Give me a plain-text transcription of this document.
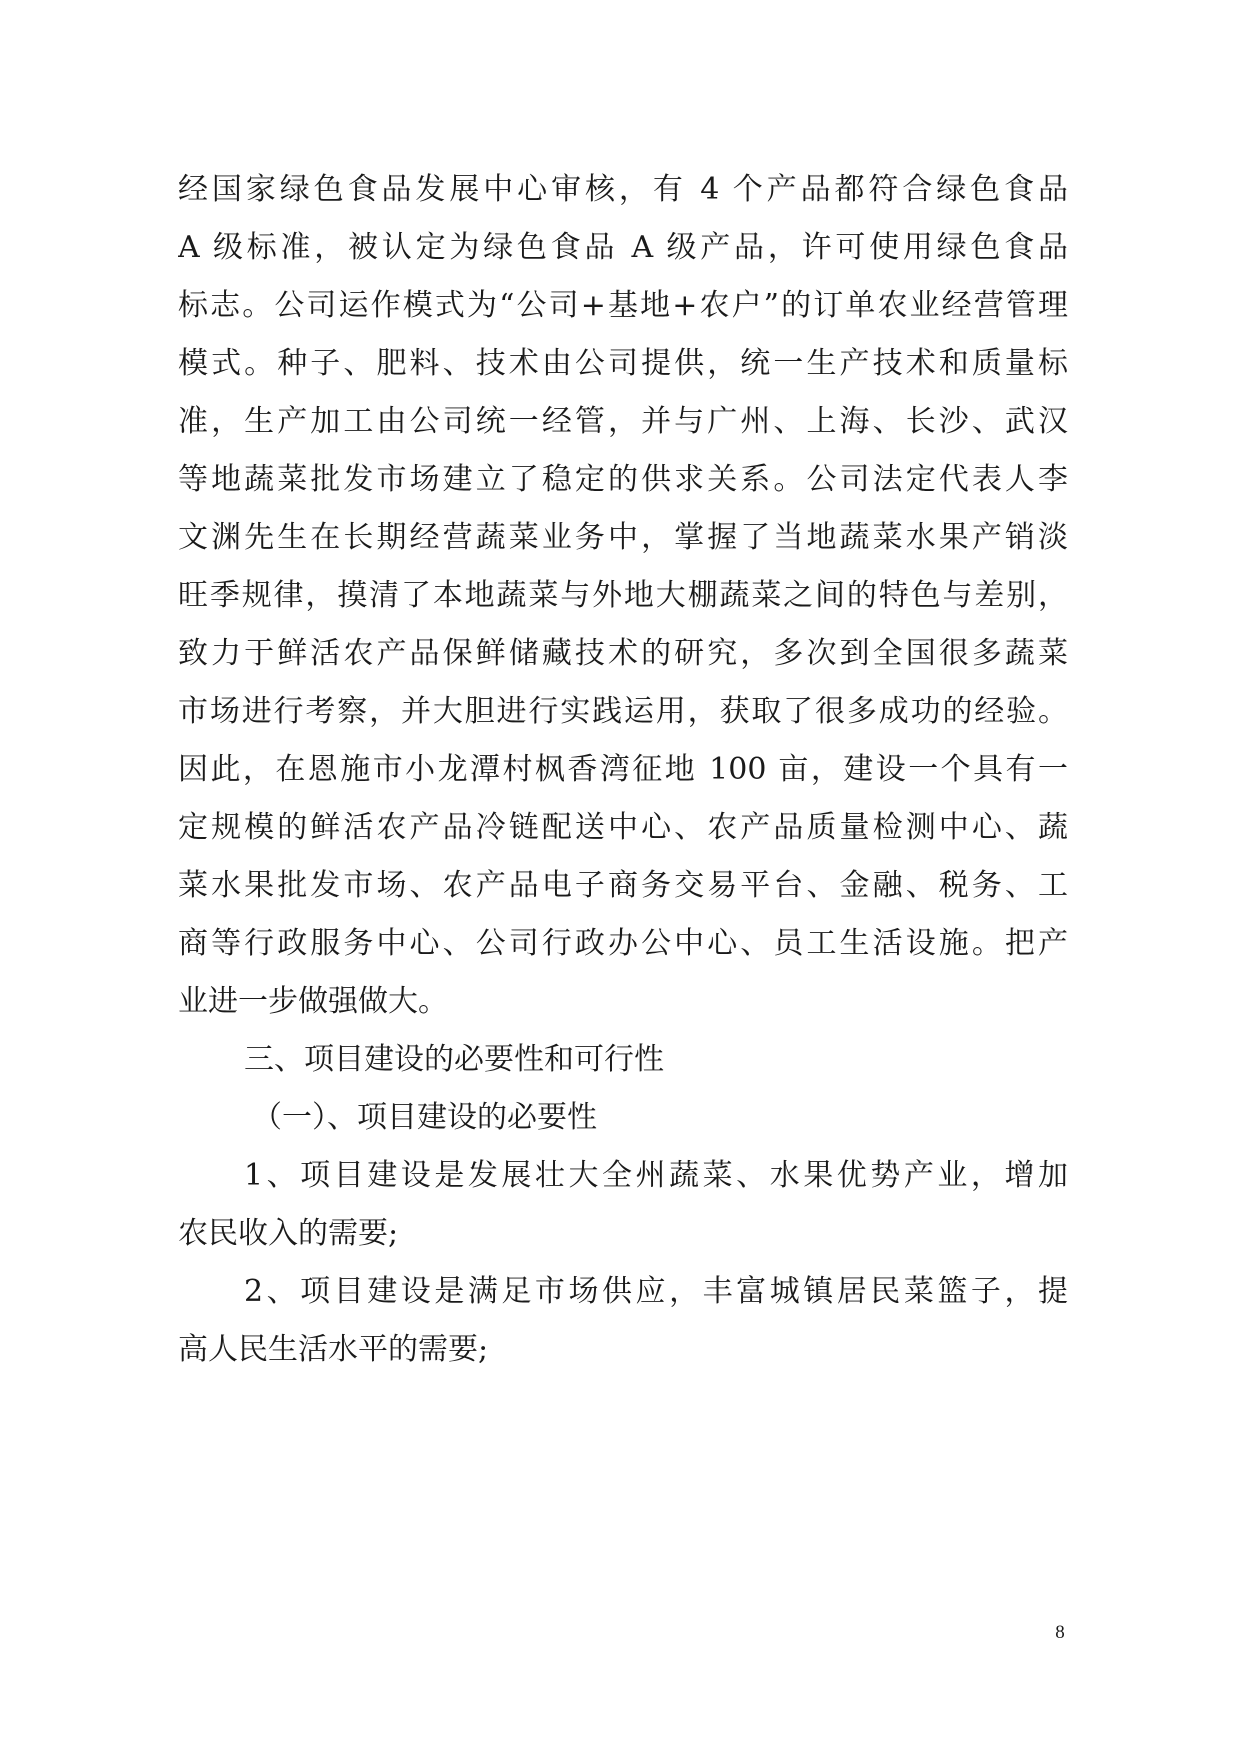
经国家绿色食品发展中心审核，有 4 个产品都符合绿色食品
A 级标准，被认定为绿色食品 A 级产品，许可使用绿色食品
标志。公司运作模式为“公司+基地+农户”的订单农业经营管理
模式。种子、肥料、技术由公司提供，统一生产技术和质量标
准，生产加工由公司统一经管，并与广州、上海、长沙、武汉
等地蔬菜批发市场建立了稳定的供求关系。公司法定代表人李
文渊先生在长期经营蔬菜业务中，掌握了当地蔬菜水果产销淡
旺季规律，摸清了本地蔬菜与外地大棚蔬菜之间的特色与差别，
致力于鲜活农产品保鲜储藏技术的研究，多次到全国很多蔬菜
市场进行考察，并大胆进行实践运用，获取了很多成功的经验。
因此，在恩施市小龙潭村枫香湾征地 100 亩，建设一个具有一
定规模的鲜活农产品冷链配送中心、农产品质量检测中心、蔬
菜水果批发市场、农产品电子商务交易平台、金融、税务、工
商等行政服务中心、公司行政办公中心、员工生活设施。把产
业进一步做强做大。
三、项目建设的必要性和可行性
（一）、项目建设的必要性
1、项目建设是发展壮大全州蔬菜、水果优势产业，增加
农民收入的需要;
2、项目建设是满足市场供应，丰富城镇居民菜篮子，提
高人民生活水平的需要;
8
